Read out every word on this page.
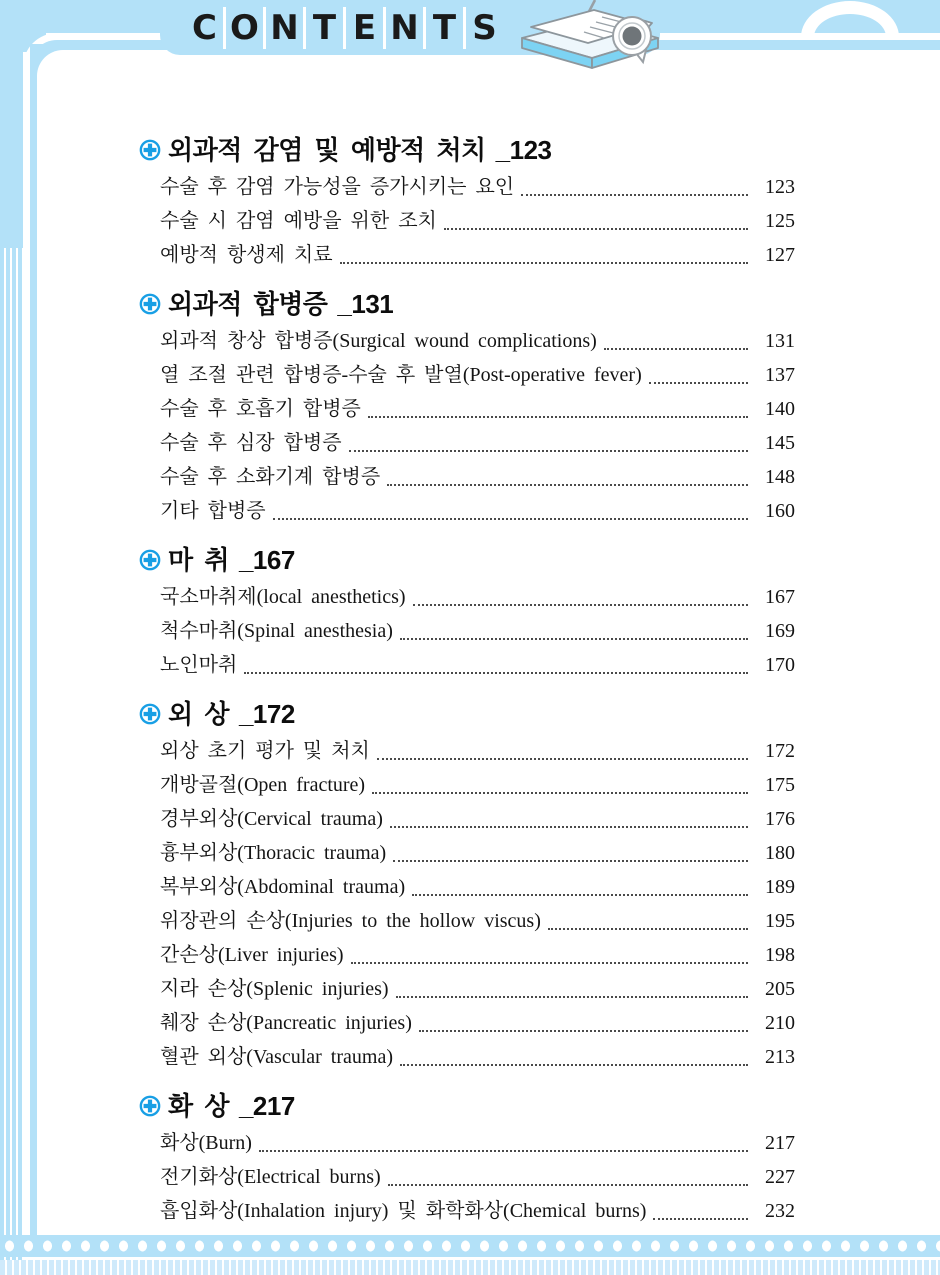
외과적 감염 및 예방적 처치 _123
수술 후 감염 가능성을 증가시키는 요인	123
수술 시 감염 예방을 위한 조치	125
예방적 항생제 치료	127
외과적 합병증 _131
외과적 창상 합병증(Surgical wound complications)	131
열 조절 관련 합병증-수술 후 발열(Post-operative fever)	137
수술 후 호흡기 합병증	140
수술 후 심장 합병증	145
수술 후 소화기계 합병증	148
기타 합병증	160
마 취 _167
국소마취제(local anesthetics)	167
척수마취(Spinal anesthesia)	169
노인마취	170
외 상 _172
외상 초기 평가 및 처치	172
개방골절(Open fracture)	175
경부외상(Cervical trauma)	176
흉부외상(Thoracic trauma)	180
복부외상(Abdominal trauma)	189
위장관의 손상(Injuries to the hollow viscus)	195
간손상(Liver injuries)	198
지라 손상(Splenic injuries)	205
췌장 손상(Pancreatic injuries)	210
혈관 외상(Vascular trauma)	213
화 상 _217
화상(Burn)	217
전기화상(Electrical burns)	227
흡입화상(Inhalation injury) 및 화학화상(Chemical burns)	232
C O N T E N T S
